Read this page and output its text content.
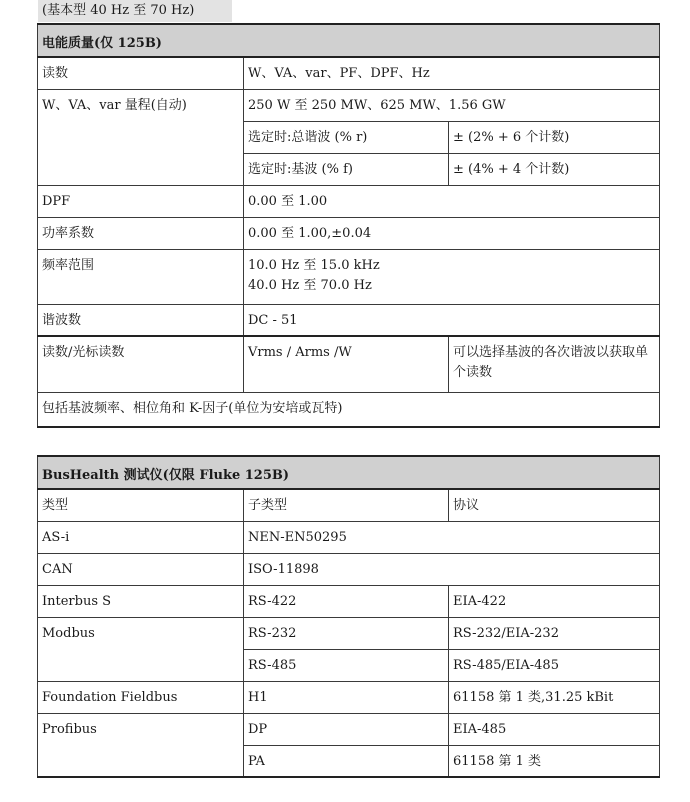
(基本型 40 Hz 至 70 Hz)
电能质量(仅 125B)		
读数	W、VA、var、PF、DPF、Hz	
W、VA、var 量程(自动)	250 W 至 250 MW、625 MW、1.56 GW	
	选定时:总谐波 (% r)	± (2% + 6 个计数)
	选定时:基波 (% f)	± (4% + 4 个计数)
DPF	0.00 至 1.00	
功率系数	0.00 至 1.00,±0.04	
频率范围	10.0 Hz 至 15.0 kHz
40.0 Hz 至 70.0 Hz	

谐波数	DC - 51	
读数/光标读数	Vrms / Arms /W	可以选择基波的各次谐波以获取单个读数
包括基波频率、相位角和 K-因子(单位为安培或瓦特)		
BusHealth 测试仪(仅限 Fluke 125B)		
类型	子类型	协议
AS-i	NEN-EN50295	
CAN	ISO-11898	
Interbus S	RS-422	EIA-422
Modbus	RS-232	RS-232/EIA-232
	RS-485	RS-485/EIA-485
Foundation Fieldbus	H1	61158 第 1 类,31.25 kBit
Profibus	DP	EIA-485
	PA	61158 第 1 类
